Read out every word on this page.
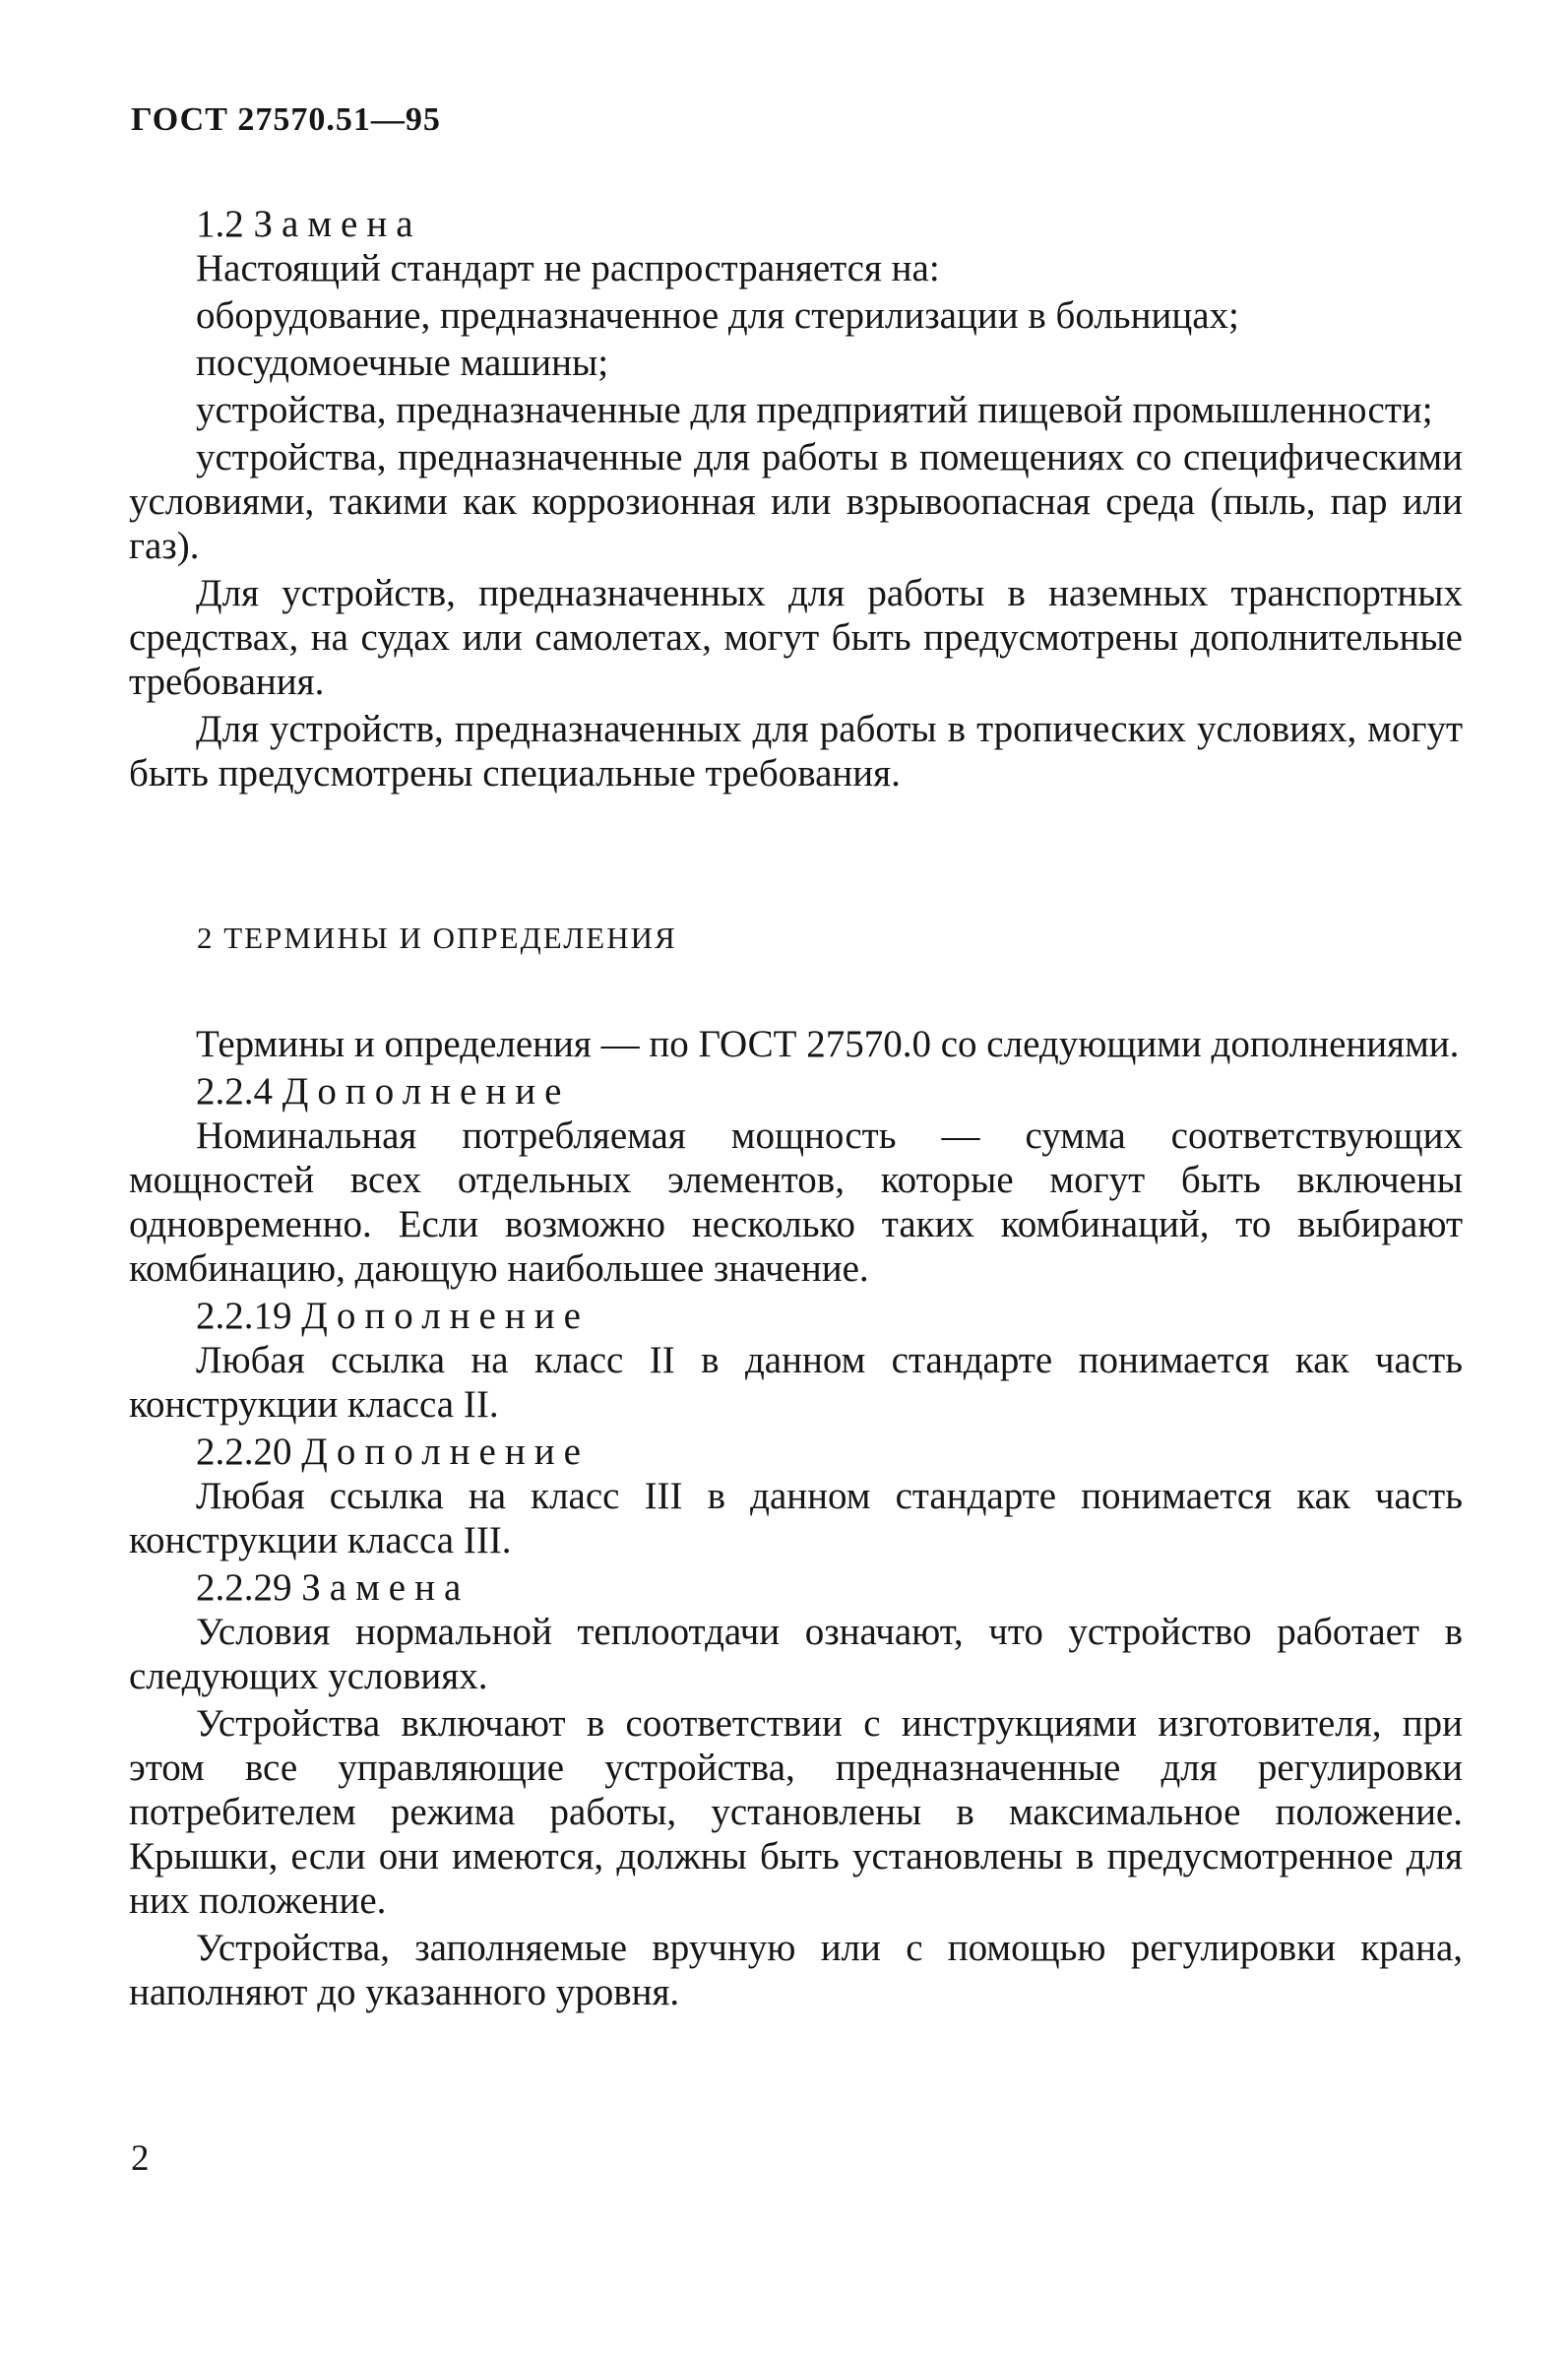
ГОСТ 27570.51—95

1.2 Замена

Настоящий стандарт не распространяется на:

оборудование, предназначенное для стерилизации в больницах;

посудомоечные машины;

устройства, предназначенные для предприятий пищевой промышленности;

устройства, предназначенные для работы в помещениях со специфическими условиями, такими как коррозионная или взрывоопасная среда (пыль, пар или газ).

Для устройств, предназначенных для работы в наземных транспортных средствах, на судах или самолетах, могут быть предусмотрены дополнительные требования.

Для устройств, предназначенных для работы в тропических условиях, могут быть предусмотрены специальные требования.

2 ТЕРМИНЫ И ОПРЕДЕЛЕНИЯ

Термины и определения — по ГОСТ 27570.0 со следующими дополнениями.

2.2.4 Дополнение

Номинальная потребляемая мощность — сумма соответствующих мощностей всех отдельных элементов, которые могут быть включены одновременно. Если возможно несколько таких комбинаций, то выбирают комбинацию, дающую наибольшее значение.

2.2.19 Дополнение

Любая ссылка на класс II в данном стандарте понимается как часть конструкции класса II.

2.2.20 Дополнение

Любая ссылка на класс III в данном стандарте понимается как часть конструкции класса III.

2.2.29 Замена

Условия нормальной теплоотдачи означают, что устройство работает в следующих условиях.

Устройства включают в соответствии с инструкциями изготовителя, при этом все управляющие устройства, предназначенные для регулировки потребителем режима работы, установлены в максимальное положение. Крышки, если они имеются, должны быть установлены в предусмотренное для них положение.

Устройства, заполняемые вручную или с помощью регулировки крана, наполняют до указанного уровня.

2
